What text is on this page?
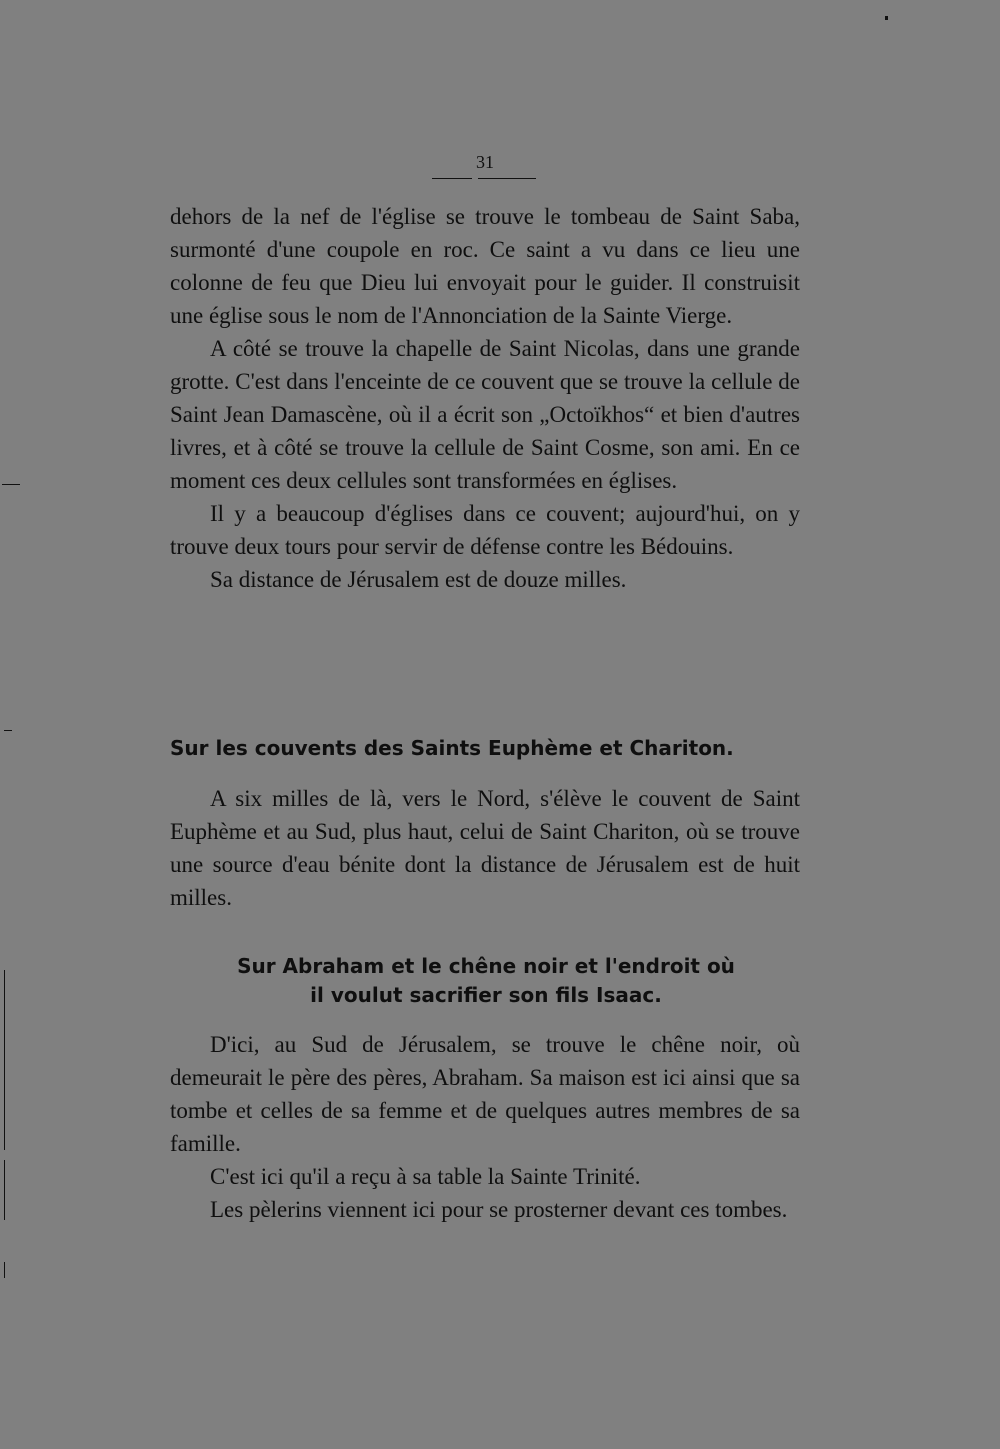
31

dehors de la nef de l'église se trouve le tombeau de Saint Saba, surmonté d'une coupole en roc. Ce saint a vu dans ce lieu une colonne de feu que Dieu lui envoyait pour le guider. Il construisit une église sous le nom de l'Annonciation de la Sainte Vierge.

A côté se trouve la chapelle de Saint Nicolas, dans une grande grotte. C'est dans l'enceinte de ce couvent que se trouve la cellule de Saint Jean Damascène, où il a écrit son „Octoïkhos“ et bien d'autres livres, et à côté se trouve la cellule de Saint Cosme, son ami. En ce moment ces deux cellules sont transformées en églises.

Il y a beaucoup d'églises dans ce couvent; aujourd'hui, on y trouve deux tours pour servir de défense contre les Bédouins.

Sa distance de Jérusalem est de douze milles.

Sur les couvents des Saints Euphème et Chariton.

A six milles de là, vers le Nord, s'élève le couvent de Saint Euphème et au Sud, plus haut, celui de Saint Chariton, où se trouve une source d'eau bénite dont la distance de Jérusalem est de huit milles.

Sur Abraham et le chêne noir et l'endroit où
il voulut sacrifier son fils Isaac.

D'ici, au Sud de Jérusalem, se trouve le chêne noir, où demeurait le père des pères, Abraham. Sa maison est ici ainsi que sa tombe et celles de sa femme et de quelques autres membres de sa famille.

C'est ici qu'il a reçu à sa table la Sainte Trinité.

Les pèlerins viennent ici pour se prosterner devant ces tombes.
